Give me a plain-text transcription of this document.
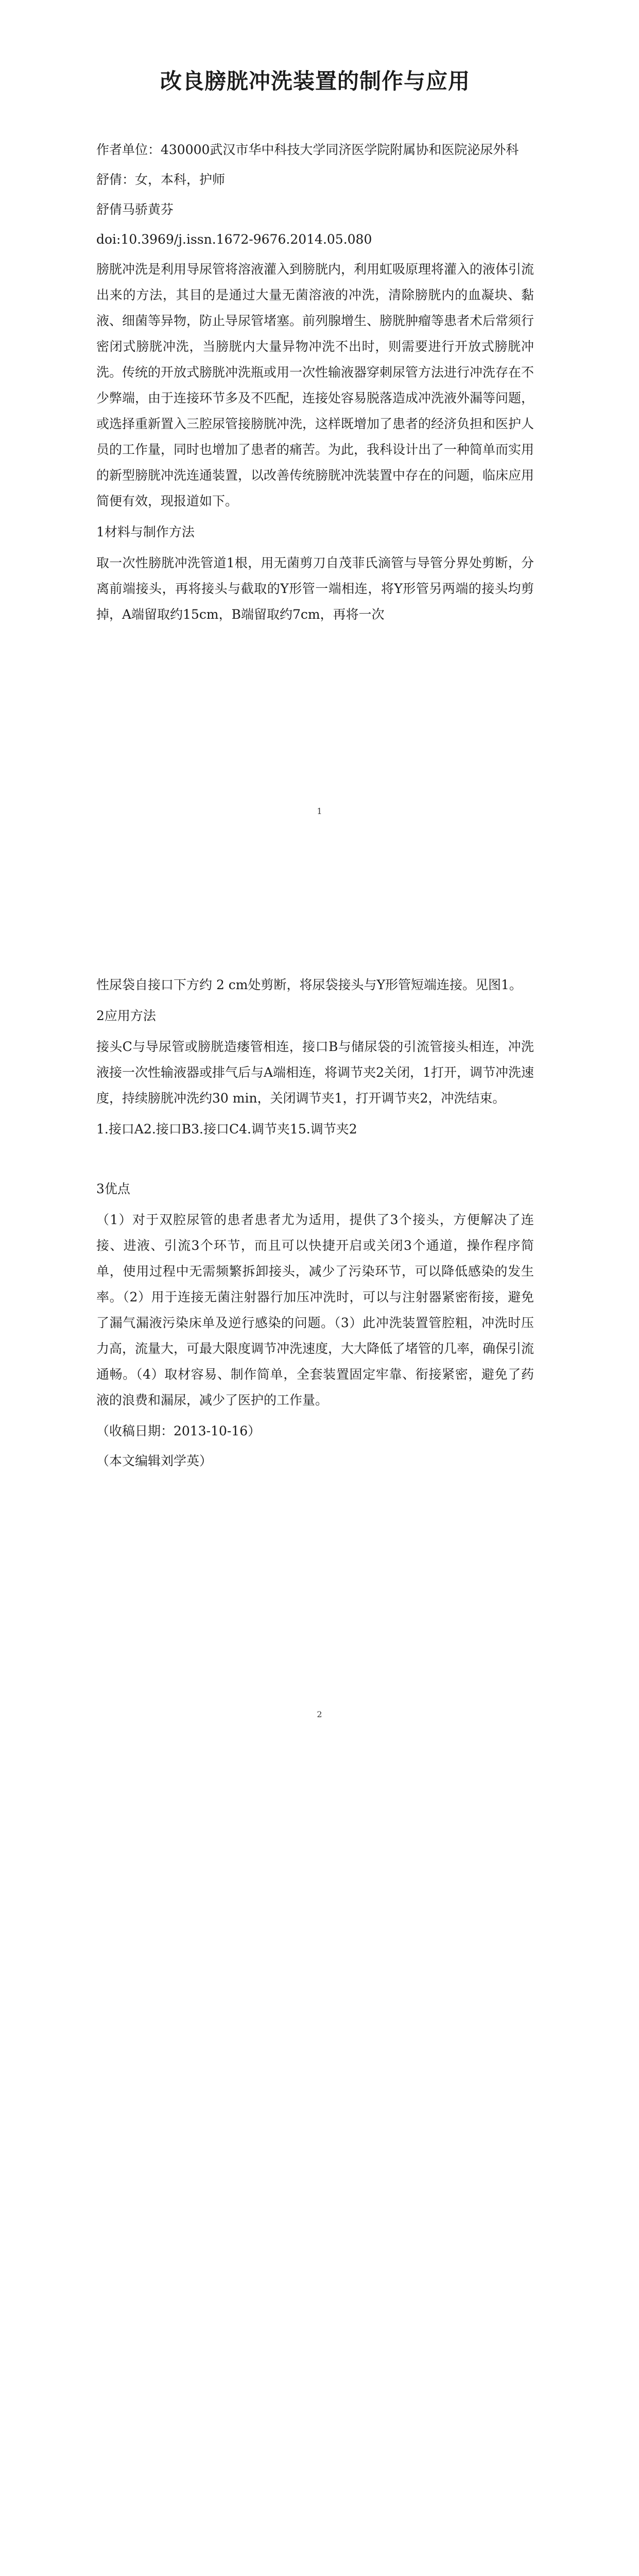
改良膀胱冲洗装置的制作与应用

作者单位：430000武汉市华中科技大学同济医学院附属协和医院泌尿外科

舒倩：女，本科，护师

舒倩马骄黄芬

doi:10.3969/j.issn.1672-9676.2014.05.080

膀胱冲洗是利用导尿管将溶液灌入到膀胱内，利用虹吸原理将灌入的液体引流出来的方法，其目的是通过大量无菌溶液的冲洗，清除膀胱内的血凝块、黏液、细菌等异物，防止导尿管堵塞。前列腺增生、膀胱肿瘤等患者术后常须行密闭式膀胱冲洗，当膀胱内大量异物冲洗不出时，则需要进行开放式膀胱冲洗。传统的开放式膀胱冲洗瓶或用一次性输液器穿刺尿管方法进行冲洗存在不少弊端，由于连接环节多及不匹配，连接处容易脱落造成冲洗液外漏等问题，或选择重新置入三腔尿管接膀胱冲洗，这样既增加了患者的经济负担和医护人员的工作量，同时也增加了患者的痛苦。为此，我科设计出了一种简单而实用的新型膀胱冲洗连通装置，以改善传统膀胱冲洗装置中存在的问题，临床应用简便有效，现报道如下。

1材料与制作方法

取一次性膀胱冲洗管道1根，用无菌剪刀自茂菲氏滴管与导管分界处剪断，分离前端接头，再将接头与截取的Y形管一端相连，将Y形管另两端的接头均剪掉，A端留取约15cm，B端留取约7cm，再将一次

1

性尿袋自接口下方约 2 cm处剪断，将尿袋接头与Y形管短端连接。见图1。

2应用方法

接头C与导尿管或膀胱造瘘管相连，接口B与储尿袋的引流管接头相连，冲洗液接一次性输液器或排气后与A端相连，将调节夹2关闭，1打开，调节冲洗速度，持续膀胱冲洗约30 min，关闭调节夹1，打开调节夹2，冲洗结束。

1.接口A2.接口B3.接口C4.调节夹15.调节夹2

3优点

（1）对于双腔尿管的患者患者尤为适用，提供了3个接头，方便解决了连接、进液、引流3个环节，而且可以快捷开启或关闭3个通道，操作程序简单，使用过程中无需频繁拆卸接头，减少了污染环节，可以降低感染的发生率。（2）用于连接无菌注射器行加压冲洗时，可以与注射器紧密衔接，避免了漏气漏液污染床单及逆行感染的问题。（3）此冲洗装置管腔粗，冲洗时压力高，流量大，可最大限度调节冲洗速度，大大降低了堵管的几率，确保引流通畅。（4）取材容易、制作简单，全套装置固定牢靠、衔接紧密，避免了药液的浪费和漏尿，减少了医护的工作量。

（收稿日期：2013-10-16）

（本文编辑刘学英）

2
